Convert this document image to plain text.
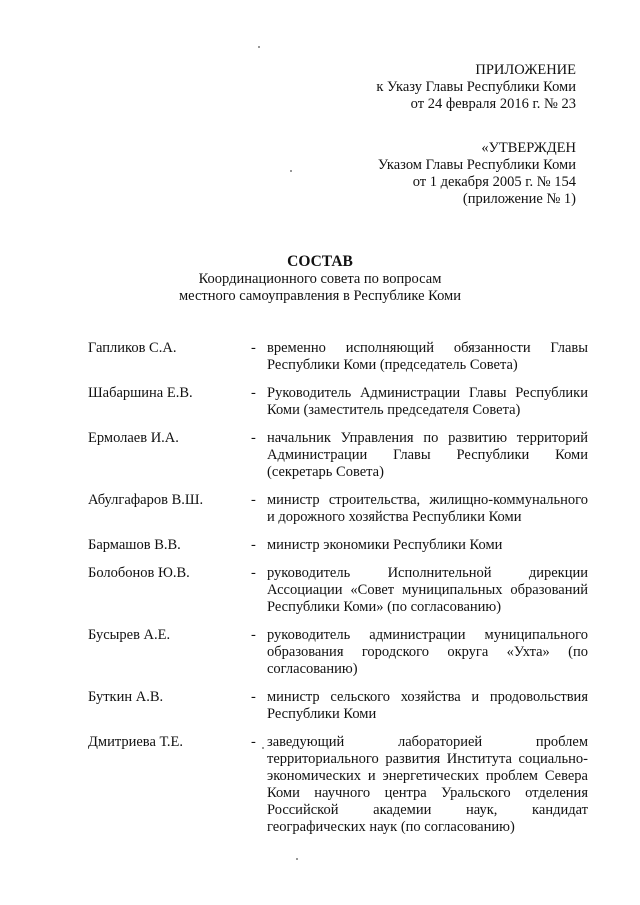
ПРИЛОЖЕНИЕ
к Указу Главы Республики Коми
от 24 февраля 2016 г. № 23
«УТВЕРЖДЕН
Указом Главы Республики Коми
от 1 декабря 2005 г. № 154
(приложение № 1)
СОСТАВ
Координационного совета по вопросам
местного самоуправления в Республике Коми
Гапликов С.А.	- временно исполняющий обязанности Главы Республики Коми (председатель Совета)
Шабаршина Е.В.	- Руководитель Администрации Главы Республики Коми (заместитель председателя Совета)
Ермолаев И.А.	- начальник Управления по развитию территорий Администрации Главы Республики Коми (секретарь Совета)
Абулгафаров В.Ш.	- министр строительства, жилищно-коммунального и дорожного хозяйства Республики Коми
Бармашов В.В.	- министр экономики Республики Коми
Болобонов Ю.В.	- руководитель Исполнительной дирекции Ассоциации «Совет муниципальных образований Республики Коми» (по согласованию)
Бусырев А.Е.	- руководитель администрации муниципального образования городского округа «Ухта» (по согласованию)
Буткин А.В.	- министр сельского хозяйства и продовольствия Республики Коми
Дмитриева Т.Е.	- заведующий лабораторией проблем территориального развития Института социально-экономических и энергетических проблем Севера Коми научного центра Уральского отделения Российской академии наук, кандидат географических наук (по согласованию)
